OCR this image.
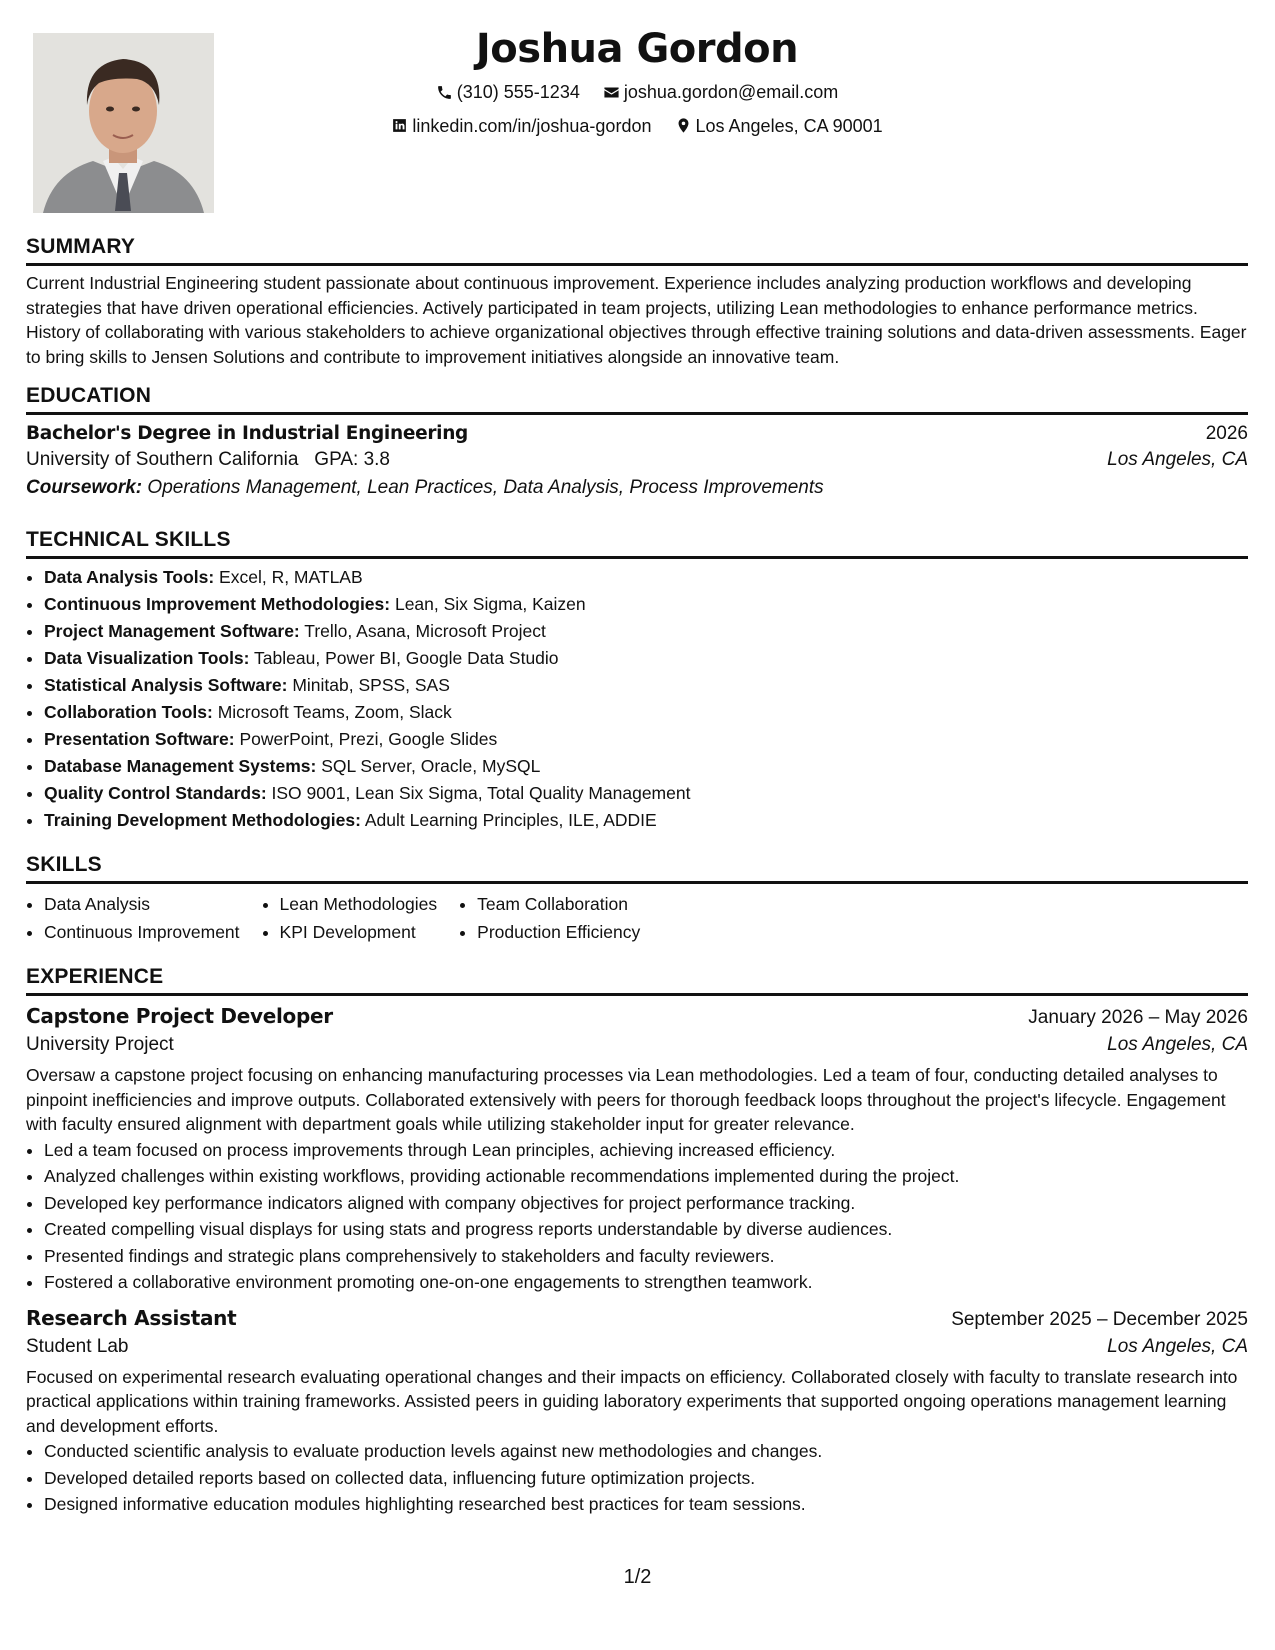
Joshua Gordon
(310) 555-1234
joshua.gordon@email.com
linkedin.com/in/joshua-gordon
Los Angeles, CA 90001
SUMMARY

Current Industrial Engineering student passionate about continuous improvement. Experience includes analyzing production workflows and developing strategies that have driven operational efficiencies. Actively participated in team projects, utilizing Lean methodologies to enhance performance metrics. History of collaborating with various stakeholders to achieve organizational objectives through effective training solutions and data-driven assessments. Eager to bring skills to Jensen Solutions and contribute to improvement initiatives alongside an innovative team.

EDUCATION
Bachelor's Degree in Industrial Engineering	2026
University of Southern California   GPA: 3.8	Los Angeles, CA
Coursework: Operations Management, Lean Practices, Data Analysis, Process Improvements
TECHNICAL SKILLS
• Data Analysis Tools: Excel, R, MATLAB
• Continuous Improvement Methodologies: Lean, Six Sigma, Kaizen
• Project Management Software: Trello, Asana, Microsoft Project
• Data Visualization Tools: Tableau, Power BI, Google Data Studio
• Statistical Analysis Software: Minitab, SPSS, SAS
• Collaboration Tools: Microsoft Teams, Zoom, Slack
• Presentation Software: PowerPoint, Prezi, Google Slides
• Database Management Systems: SQL Server, Oracle, MySQL
• Quality Control Standards: ISO 9001, Lean Six Sigma, Total Quality Management
• Training Development Methodologies: Adult Learning Principles, ILE, ADDIE
SKILLS
• Data Analysis
• Continuous Improvement
• Lean Methodologies
• KPI Development
• Team Collaboration
• Production Efficiency
EXPERIENCE
Capstone Project Developer	January 2026 – May 2026
University Project	Los Angeles, CA

Oversaw a capstone project focusing on enhancing manufacturing processes via Lean methodologies. Led a team of four, conducting detailed analyses to pinpoint inefficiencies and improve outputs. Collaborated extensively with peers for thorough feedback loops throughout the project's lifecycle. Engagement with faculty ensured alignment with department goals while utilizing stakeholder input for greater relevance.

• Led a team focused on process improvements through Lean principles, achieving increased efficiency.
• Analyzed challenges within existing workflows, providing actionable recommendations implemented during the project.
• Developed key performance indicators aligned with company objectives for project performance tracking.
• Created compelling visual displays for using stats and progress reports understandable by diverse audiences.
• Presented findings and strategic plans comprehensively to stakeholders and faculty reviewers.
• Fostered a collaborative environment promoting one-on-one engagements to strengthen teamwork.
Research Assistant	September 2025 – December 2025
Student Lab	Los Angeles, CA

Focused on experimental research evaluating operational changes and their impacts on efficiency. Collaborated closely with faculty to translate research into practical applications within training frameworks. Assisted peers in guiding laboratory experiments that supported ongoing operations management learning and development efforts.

• Conducted scientific analysis to evaluate production levels against new methodologies and changes.
• Developed detailed reports based on collected data, influencing future optimization projects.
• Designed informative education modules highlighting researched best practices for team sessions.
1/2
